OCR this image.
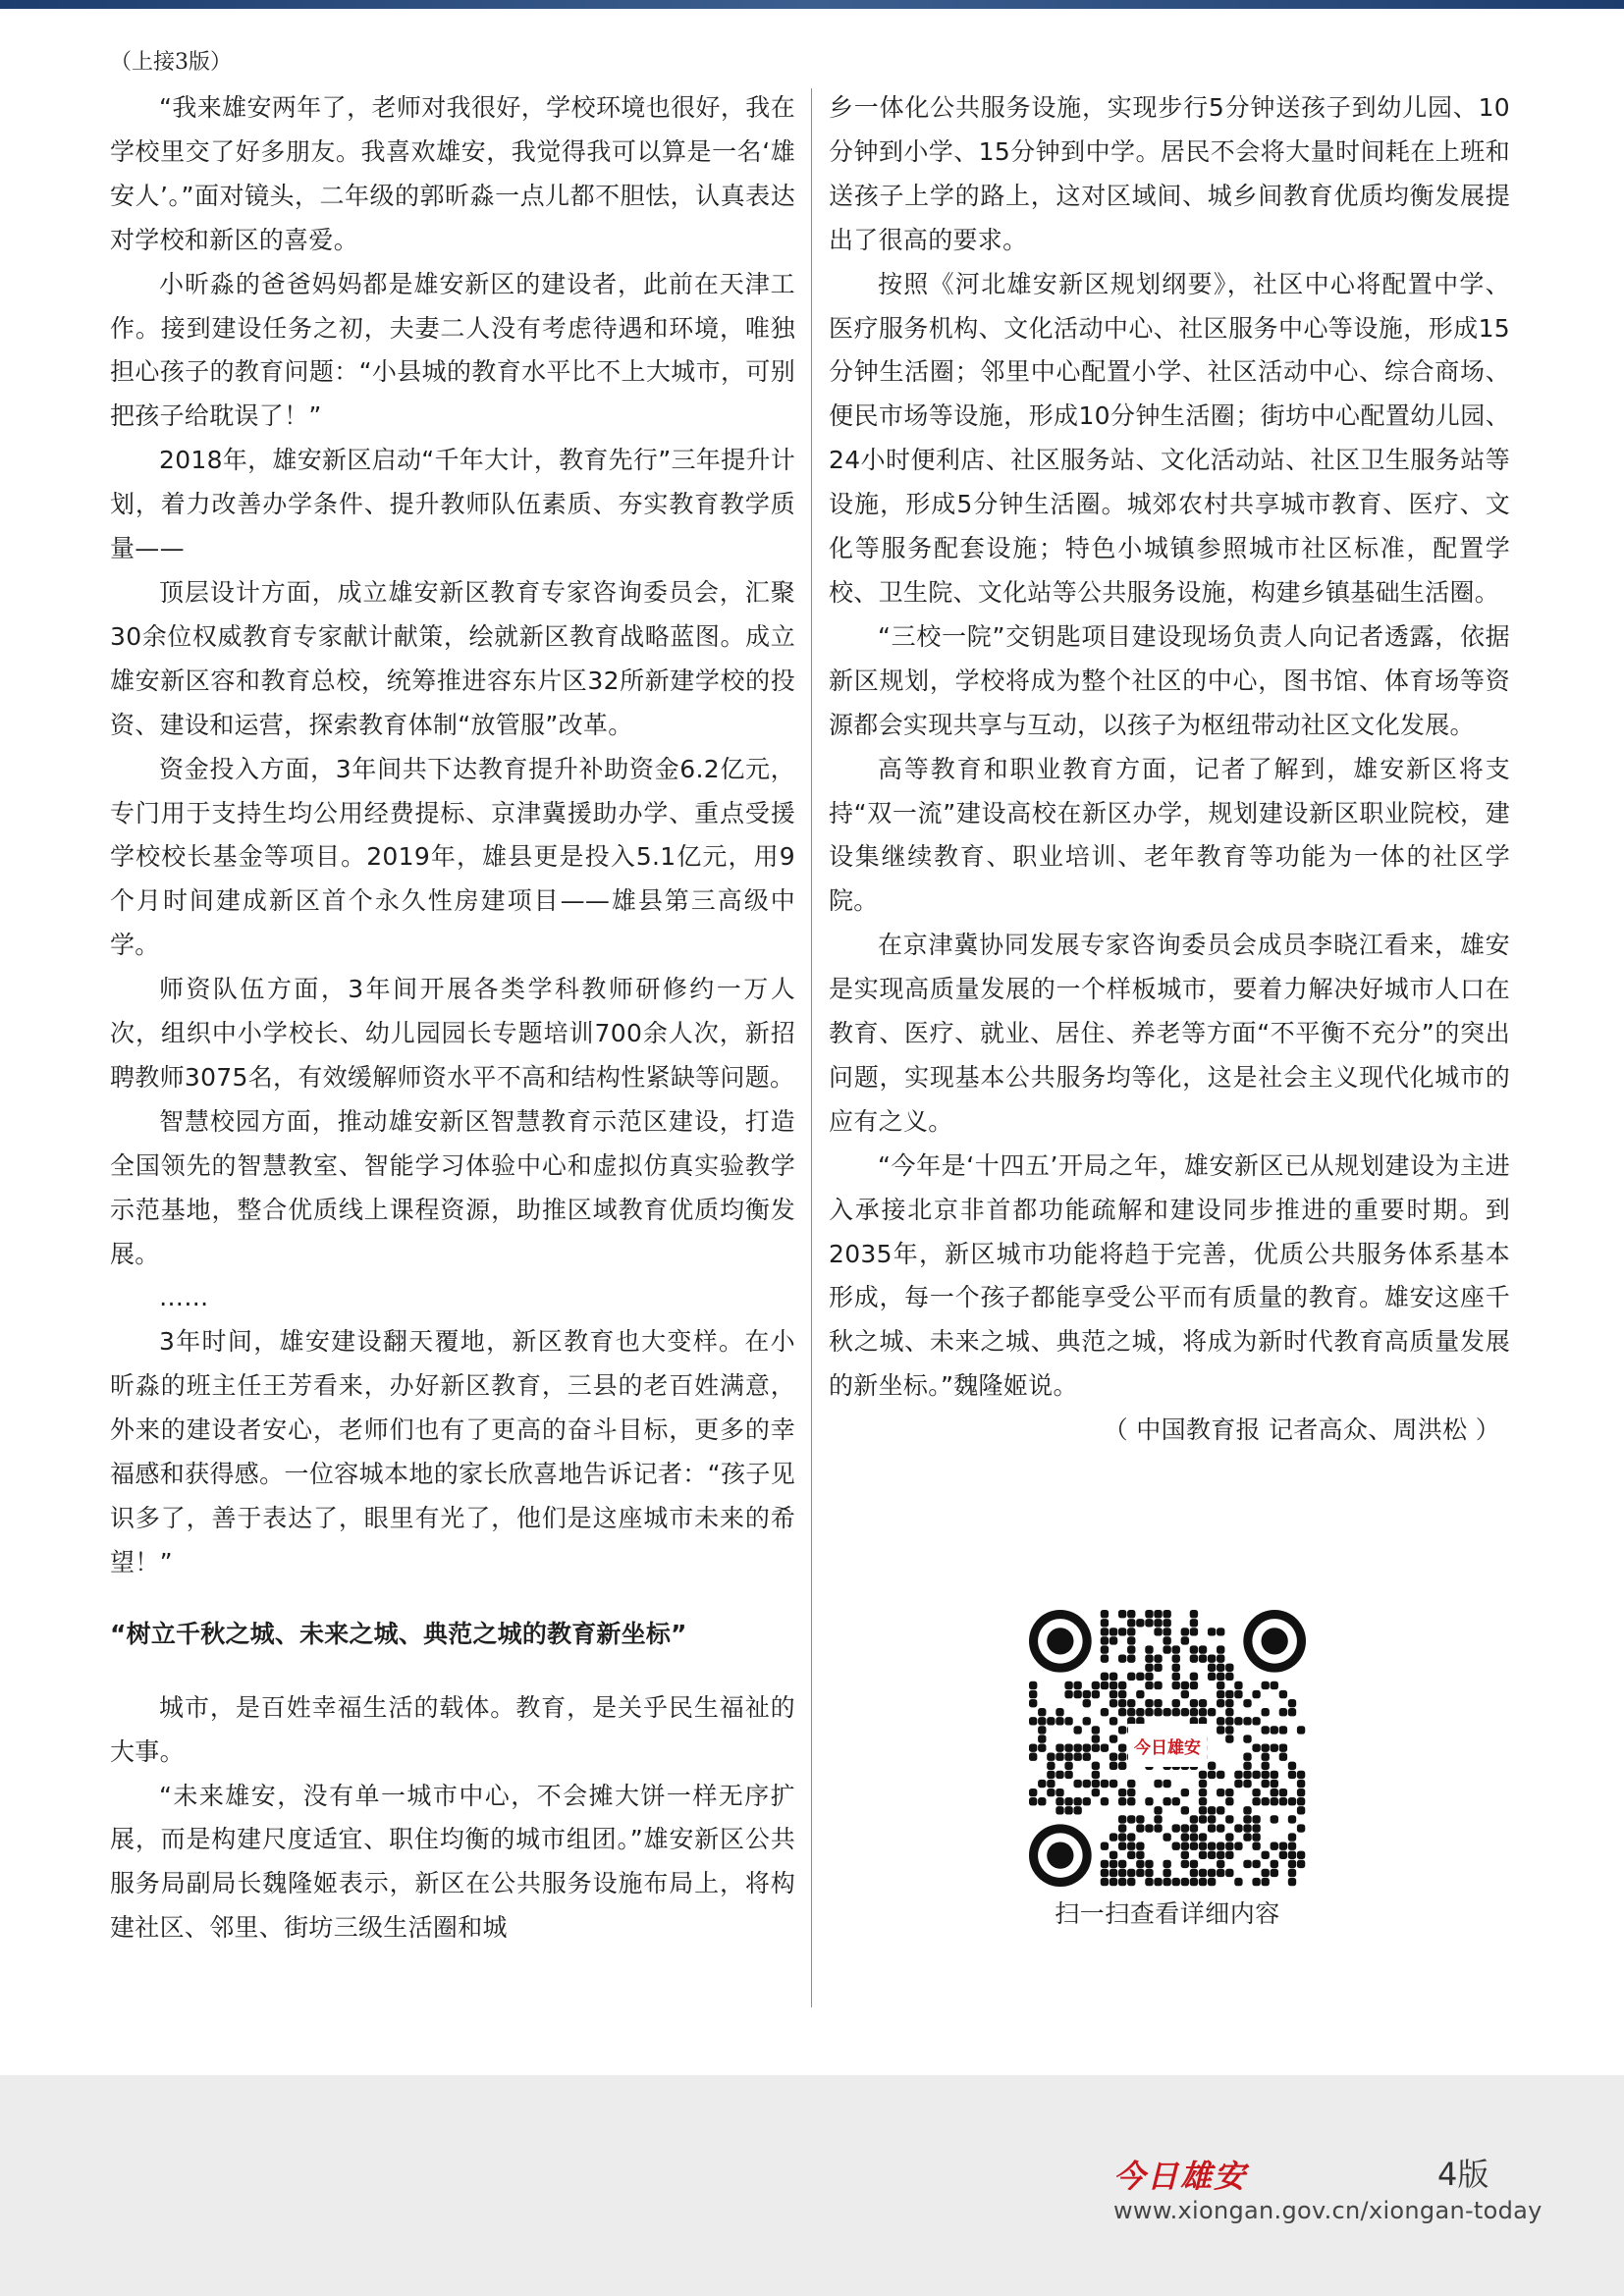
（上接3版）

“我来雄安两年了，老师对我很好，学校环境也很好，我在学校里交了好多朋友。我喜欢雄安，我觉得我可以算是一名‘雄安人’。”面对镜头，二年级的郭昕淼一点儿都不胆怯，认真表达对学校和新区的喜爱。

小昕淼的爸爸妈妈都是雄安新区的建设者，此前在天津工作。接到建设任务之初，夫妻二人没有考虑待遇和环境，唯独担心孩子的教育问题：“小县城的教育水平比不上大城市，可别把孩子给耽误了！”

2018年，雄安新区启动“千年大计，教育先行”三年提升计划，着力改善办学条件、提升教师队伍素质、夯实教育教学质量——

顶层设计方面，成立雄安新区教育专家咨询委员会，汇聚30余位权威教育专家献计献策，绘就新区教育战略蓝图。成立雄安新区容和教育总校，统筹推进容东片区32所新建学校的投资、建设和运营，探索教育体制“放管服”改革。

资金投入方面，3年间共下达教育提升补助资金6.2亿元，专门用于支持生均公用经费提标、京津冀援助办学、重点受援学校校长基金等项目。2019年，雄县更是投入5.1亿元，用9个月时间建成新区首个永久性房建项目——雄县第三高级中学。

师资队伍方面，3年间开展各类学科教师研修约一万人次，组织中小学校长、幼儿园园长专题培训700余人次，新招聘教师3075名，有效缓解师资水平不高和结构性紧缺等问题。

智慧校园方面，推动雄安新区智慧教育示范区建设，打造全国领先的智慧教室、智能学习体验中心和虚拟仿真实验教学示范基地，整合优质线上课程资源，助推区域教育优质均衡发展。

……

3年时间，雄安建设翻天覆地，新区教育也大变样。在小昕淼的班主任王芳看来，办好新区教育，三县的老百姓满意，外来的建设者安心，老师们也有了更高的奋斗目标，更多的幸福感和获得感。一位容城本地的家长欣喜地告诉记者：“孩子见识多了，善于表达了，眼里有光了，他们是这座城市未来的希望！”

“树立千秋之城、未来之城、典范之城的教育新坐标”

城市，是百姓幸福生活的载体。教育，是关乎民生福祉的大事。

“未来雄安，没有单一城市中心，不会摊大饼一样无序扩展，而是构建尺度适宜、职住均衡的城市组团。”雄安新区公共服务局副局长魏隆姬表示，新区在公共服务设施布局上，将构建社区、邻里、街坊三级生活圈和城

乡一体化公共服务设施，实现步行5分钟送孩子到幼儿园、10分钟到小学、15分钟到中学。居民不会将大量时间耗在上班和送孩子上学的路上，这对区域间、城乡间教育优质均衡发展提出了很高的要求。

按照《河北雄安新区规划纲要》，社区中心将配置中学、医疗服务机构、文化活动中心、社区服务中心等设施，形成15分钟生活圈；邻里中心配置小学、社区活动中心、综合商场、便民市场等设施，形成10分钟生活圈；街坊中心配置幼儿园、24小时便利店、社区服务站、文化活动站、社区卫生服务站等设施，形成5分钟生活圈。城郊农村共享城市教育、医疗、文化等服务配套设施；特色小城镇参照城市社区标准，配置学校、卫生院、文化站等公共服务设施，构建乡镇基础生活圈。

“三校一院”交钥匙项目建设现场负责人向记者透露，依据新区规划，学校将成为整个社区的中心，图书馆、体育场等资源都会实现共享与互动，以孩子为枢纽带动社区文化发展。

高等教育和职业教育方面，记者了解到，雄安新区将支持“双一流”建设高校在新区办学，规划建设新区职业院校，建设集继续教育、职业培训、老年教育等功能为一体的社区学院。

在京津冀协同发展专家咨询委员会成员李晓江看来，雄安是实现高质量发展的一个样板城市，要着力解决好城市人口在教育、医疗、就业、居住、养老等方面“不平衡不充分”的突出问题，实现基本公共服务均等化，这是社会主义现代化城市的应有之义。

“今年是‘十四五’开局之年，雄安新区已从规划建设为主进入承接北京非首都功能疏解和建设同步推进的重要时期。到2035年，新区城市功能将趋于完善，优质公共服务体系基本形成，每一个孩子都能享受公平而有质量的教育。雄安这座千秋之城、未来之城、典范之城，将成为新时代教育高质量发展的新坐标。”魏隆姬说。

（ 中国教育报 记者高众、周洪松 ）

今日雄安
扫一扫查看详细内容
今日雄安	4版
www.xiongan.gov.cn/xiongan-today
